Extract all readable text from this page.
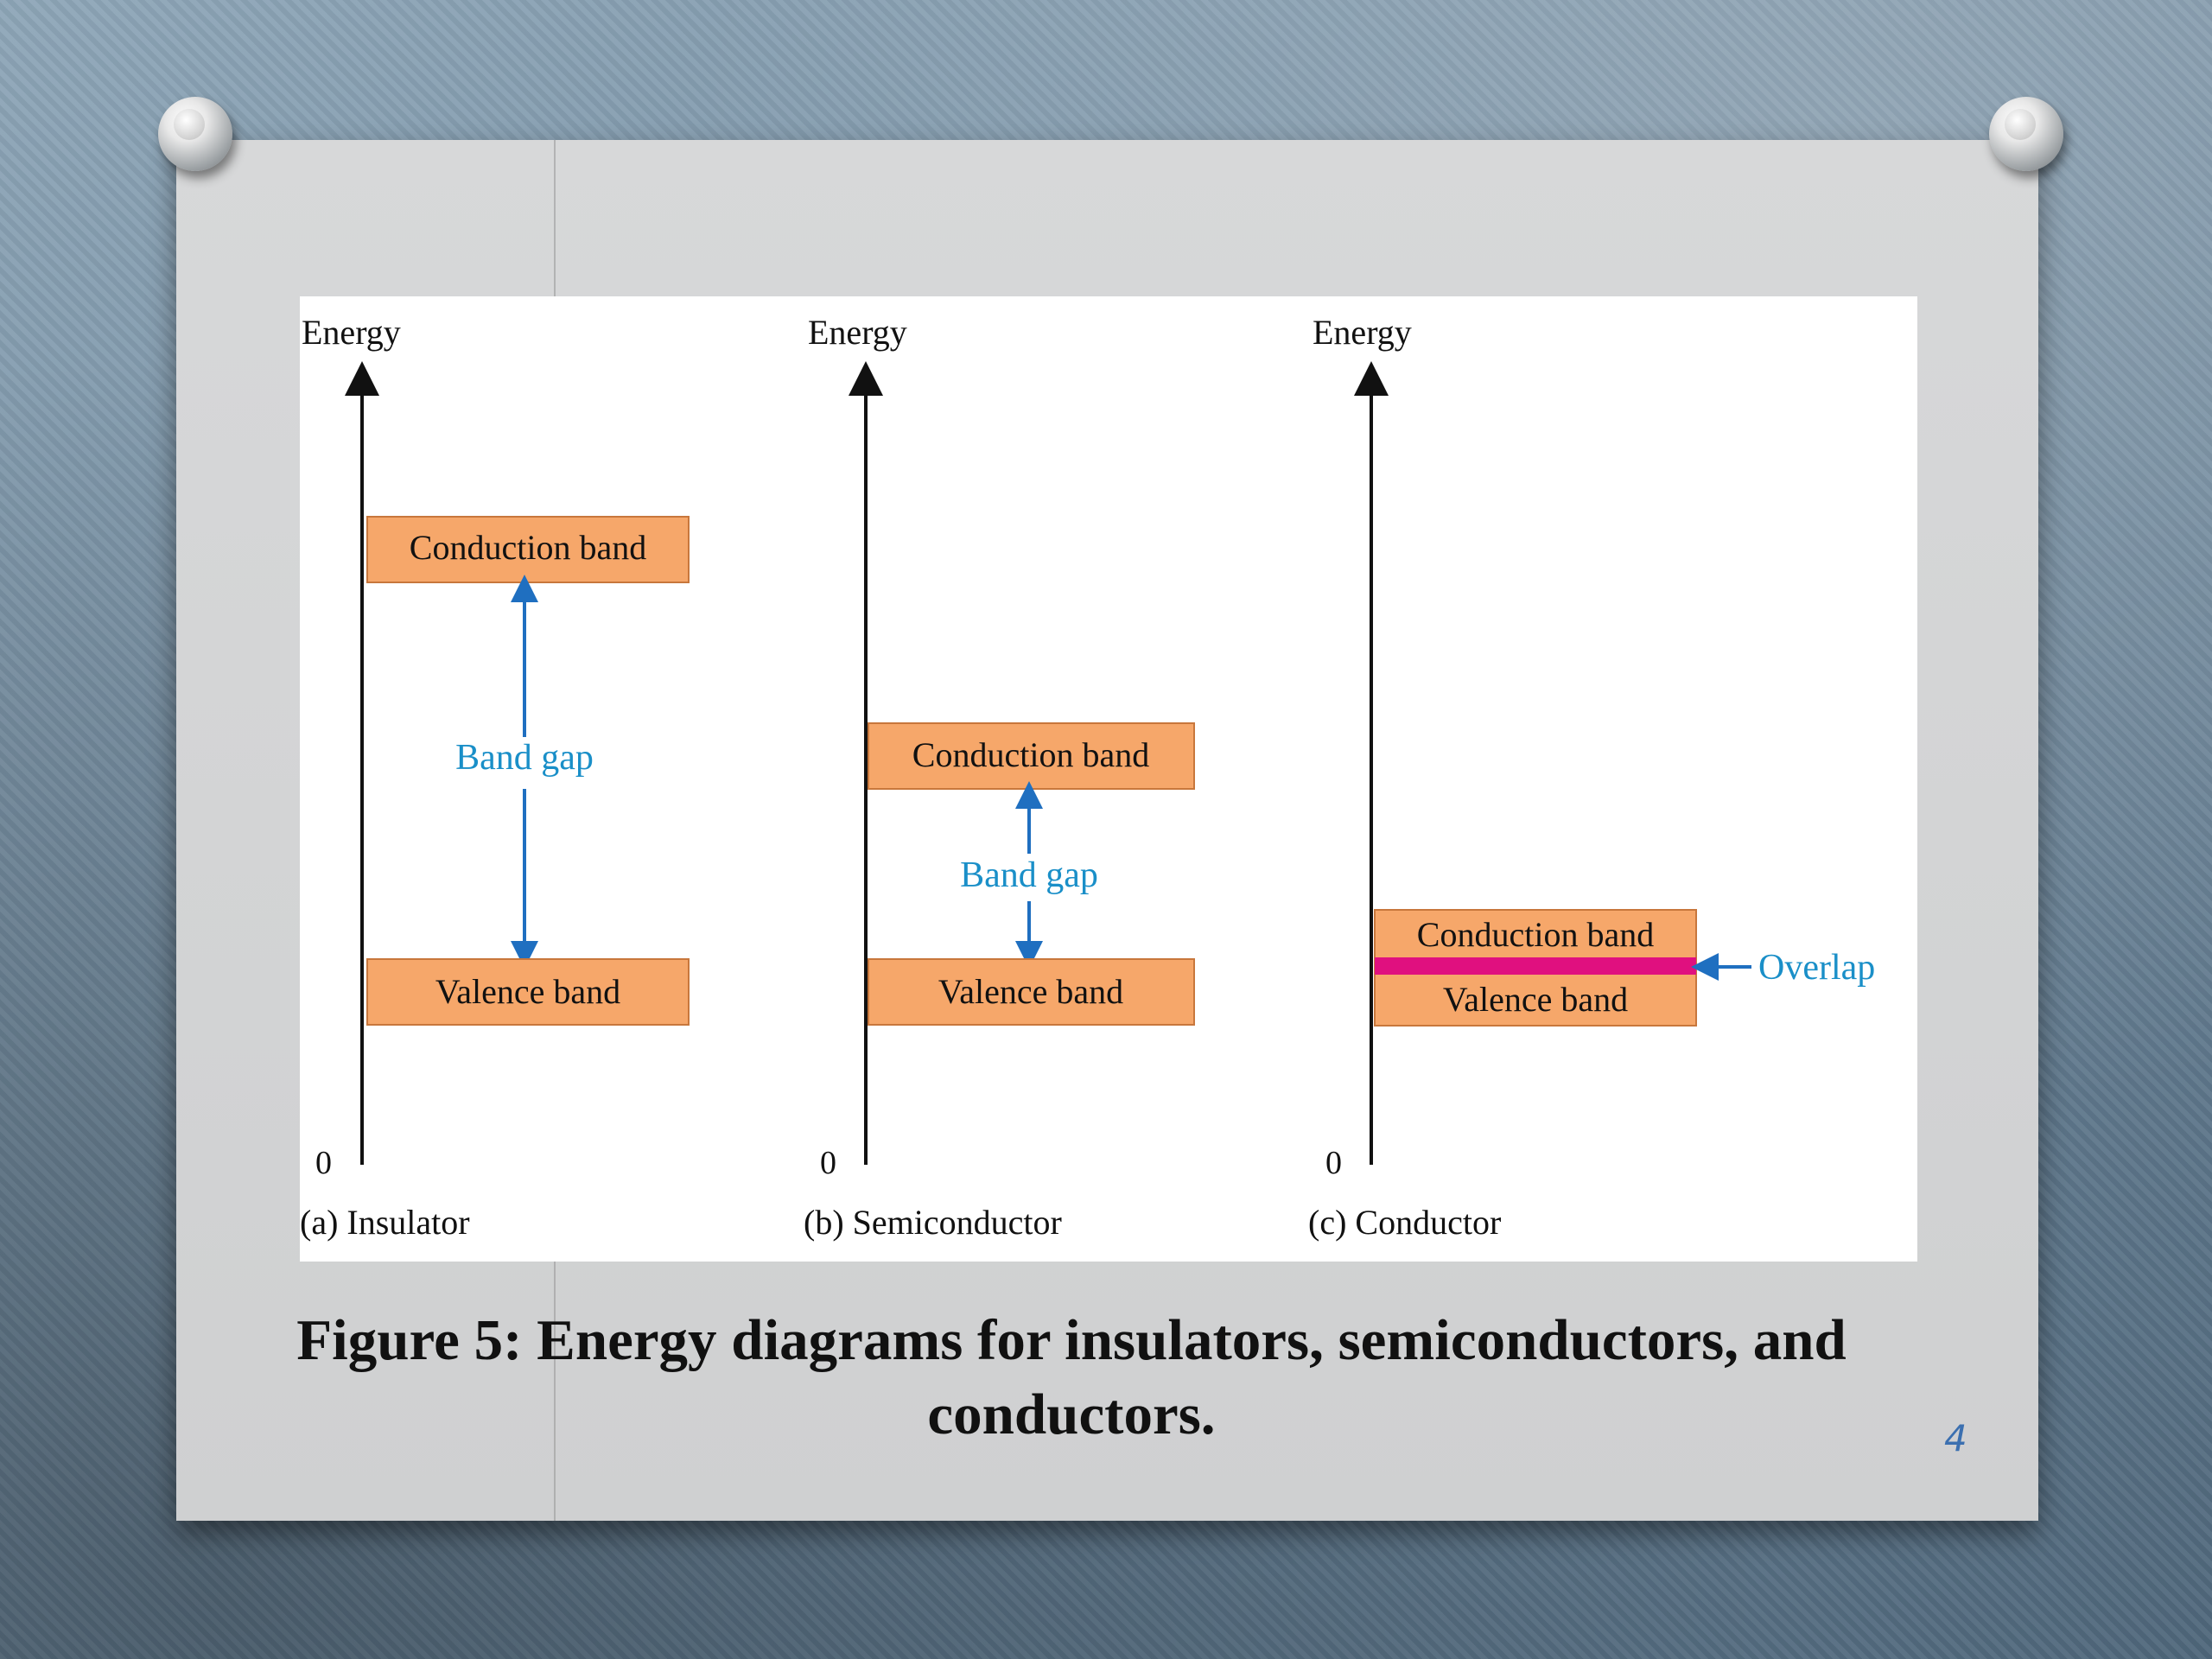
Energy
0
Conduction band
Band gap
Valence band
(a) Insulator
Energy
0
Conduction band
Band gap
Valence band
(b) Semiconductor
Energy
0
Conduction band
Valence band
Overlap
(c) Conductor
Figure 5: Energy diagrams for insulators, semiconductors, and conductors.	4
